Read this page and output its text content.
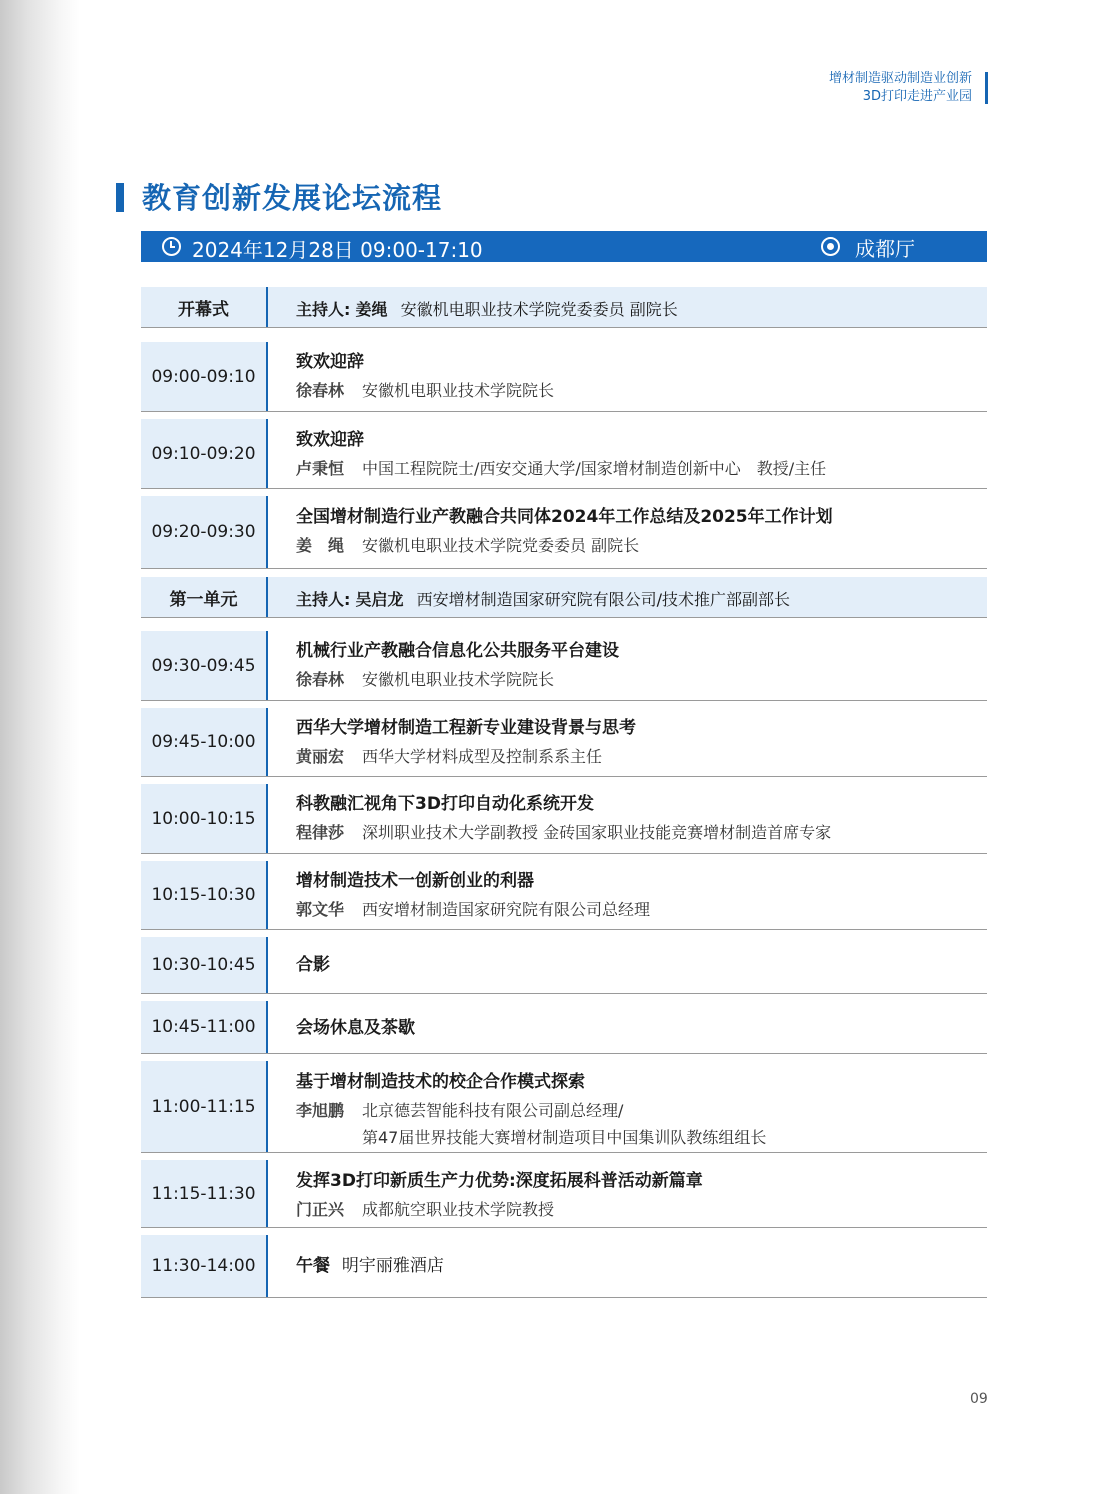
增材制造驱动制造业创新
3D打印走进产业园
教育创新发展论坛流程
2024年12月28日 09:00-17:10	成都厅
开幕式	主持人: 姜绳 安徽机电职业技术学院党委委员 副院长
09:00-09:10
致欢迎辞
徐春林 安徽机电职业技术学院院长
09:10-09:20
致欢迎辞
卢秉恒 中国工程院院士/西安交通大学/国家增材制造创新中心　教授/主任
09:20-09:30
全国增材制造行业产教融合共同体2024年工作总结及2025年工作计划
姜　绳 安徽机电职业技术学院党委委员 副院长
第一单元	主持人: 吴启龙 西安增材制造国家研究院有限公司/技术推广部副部长
09:30-09:45
机械行业产教融合信息化公共服务平台建设
徐春林 安徽机电职业技术学院院长
09:45-10:00
西华大学增材制造工程新专业建设背景与思考
黄丽宏 西华大学材料成型及控制系系主任
10:00-10:15
科教融汇视角下3D打印自动化系统开发
程律莎 深圳职业技术大学副教授 金砖国家职业技能竞赛增材制造首席专家
10:15-10:30
增材制造技术一创新创业的利器
郭文华 西安增材制造国家研究院有限公司总经理
10:30-10:45	合影
10:45-11:00	会场休息及茶歇
11:00-11:15
基于增材制造技术的校企合作模式探索
李旭鹏 北京德芸智能科技有限公司副总经理/
第47届世界技能大赛增材制造项目中国集训队教练组组长
11:15-11:30
发挥3D打印新质生产力优势:深度拓展科普活动新篇章
门正兴 成都航空职业技术学院教授
11:30-14:00	午餐 明宇丽雅酒店
09
